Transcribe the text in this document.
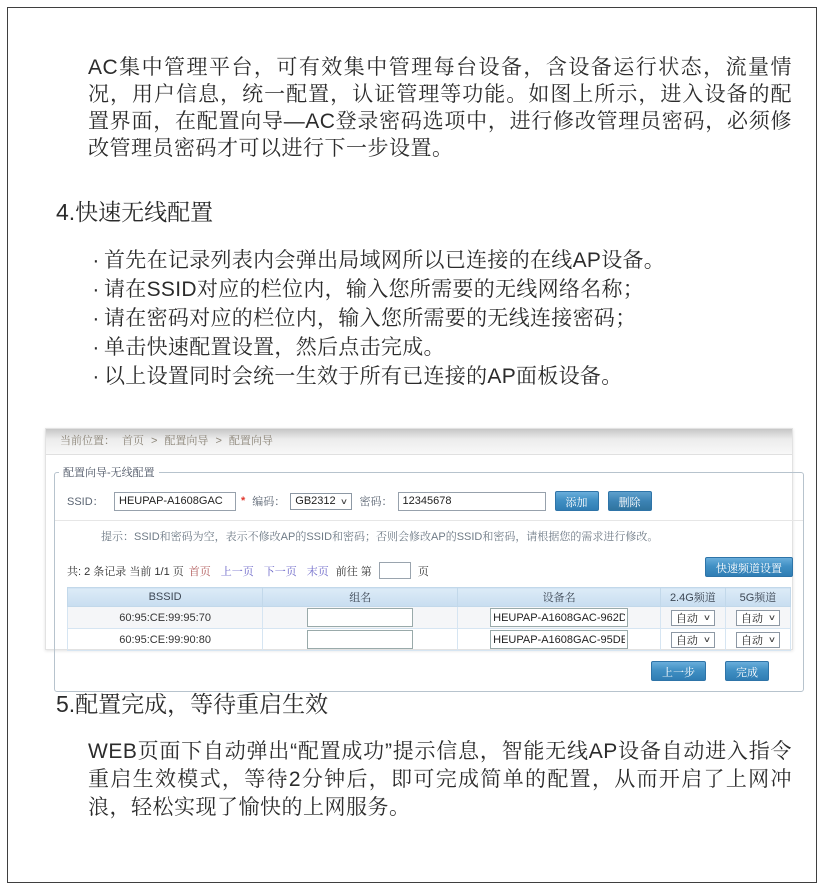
AC集中管理平台，可有效集中管理每台设备，含设备运行状态，流量情况，用户信息，统一配置，认证管理等功能。如图上所示，进入设备的配置界面，在配置向导—AC登录密码选项中，进行修改管理员密码，必须修改管理员密码才可以进行下一步设置。

4.快速无线配置
· 首先在记录列表内会弹出局域网所以已连接的在线AP设备。
· 请在SSID对应的栏位内，输入您所需要的无线网络名称；
· 请在密码对应的栏位内，输入您所需要的无线连接密码；
· 单击快速配置设置，然后点击完成。
· 以上设置同时会统一生效于所有已连接的AP面板设备。
当前位置： 首页 > 配置向导 > 配置向导
配置向导-无线配置
SSID：
HEUPAP-A1608GAC	* 编码： GB2312 ∨ 密码：
12345678	添加	删除
提示：SSID和密码为空，表示不修改AP的SSID和密码；否则会修改AP的SSID和密码，请根据您的需求进行修改。
共: 2 条记录 当前 1/1 页 首页 上一页 下一页 末页 前往 第	页	快速频道设置
BSSID	组名	设备名	2.4G频道	5G频道
60:95:CE:99:95:70		HEUPAP-A1608GAC-962D	自动 ∨	自动 ∨

60:95:CE:99:90:80		HEUPAP-A1608GAC-95DE	自动 ∨	自动 ∨
上一步	完成
5.配置完成，等待重启生效

WEB页面下自动弹出“配置成功”提示信息，智能无线AP设备自动进入指令重启生效模式，等待2分钟后，即可完成简单的配置，从而开启了上网冲浪，轻松实现了愉快的上网服务。
